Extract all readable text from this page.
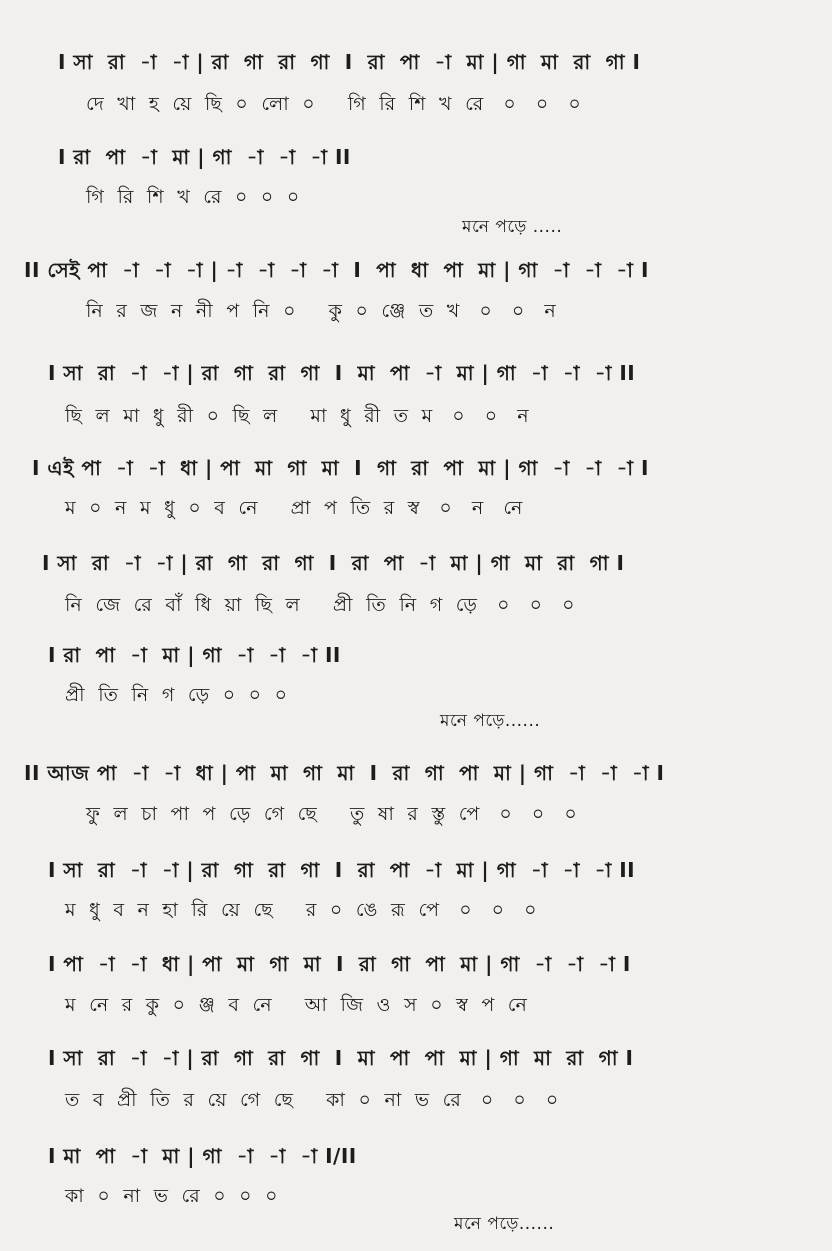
I সা  রা  -া  -া | রা  গা  রা  গা  I  রা  পা  -া  মা | গা  মা  রা  গা I
দে  খা  হ  য়ে  ছি  ০  লো  ০     গি  রি  শি  খ  রে   ০   ০   ০
I রা  পা  -া  মা | গা  -া  -া  -া II
গি  রি  শি  খ  রে  ০  ০  ০
মনে পড়ে .....
II সেই পা  -া  -া  -া | -া  -া  -া  -া  I  পা  ধা  পা  মা | গা  -া  -া  -া I
নি  র  জ  ন  নী  প  নি  ০     কু  ০  ঞ্জে  ত  খ   ০   ০   ন
I সা  রা  -া  -া | রা  গা  রা  গা  I  মা  পা  -া  মা | গা  -া  -া  -া II
ছি  ল  মা  ধু  রী  ০  ছি  ল     মা  ধু  রী  ত  ম   ০   ০   ন
I এই পা  -া  -া  ধা | পা  মা  গা  মা  I  গা  রা  পা  মা | গা  -া  -া  -া I
ম  ০  ন  ম  ধু  ০  ব  নে     প্রা  প  তি  র  স্ব   ০   ন   নে
I সা  রা  -া  -া | রা  গা  রা  গা  I  রা  পা  -া  মা | গা  মা  রা  গা I
নি  জে  রে  বাঁ  ধি  য়া  ছি  ল     প্রী  তি  নি  গ  ড়ে   ০   ০   ০
I রা  পা  -া  মা | গা  -া  -া  -া II
প্রী  তি  নি  গ  ড়ে  ০  ০  ০
মনে পড়ে......
II আজ পা  -া  -া  ধা | পা  মা  গা  মা  I  রা  গা  পা  মা | গা  -া  -া  -া I
ফু  ল  চা  পা  প  ড়ে  গে  ছে     তু  ষা  র  স্তু  পে   ০   ০   ০
I সা  রা  -া  -া | রা  গা  রা  গা  I  রা  পা  -া  মা | গা  -া  -া  -া II
ম  ধু  ব  ন  হা  রি  য়ে  ছে     র  ০  ঙে  রূ  পে   ০   ০   ০
I পা  -া  -া  ধা | পা  মা  গা  মা  I  রা  গা  পা  মা | গা  -া  -া  -া I
ম  নে  র  কু  ০  ঞ্জ  ব  নে     আ  জি  ও  স  ০  স্ব  প  নে
I সা  রা  -া  -া | রা  গা  রা  গা  I  মা  পা  পা  মা | গা  মা  রা  গা I
ত  ব  প্রী  তি  র  য়ে  গে  ছে     কা  ০  না  ভ  রে   ০   ০   ০
I মা  পা  -া  মা | গা  -া  -া  -া I/II
কা  ০  না  ভ  রে  ০  ০  ০
মনে পড়ে......
